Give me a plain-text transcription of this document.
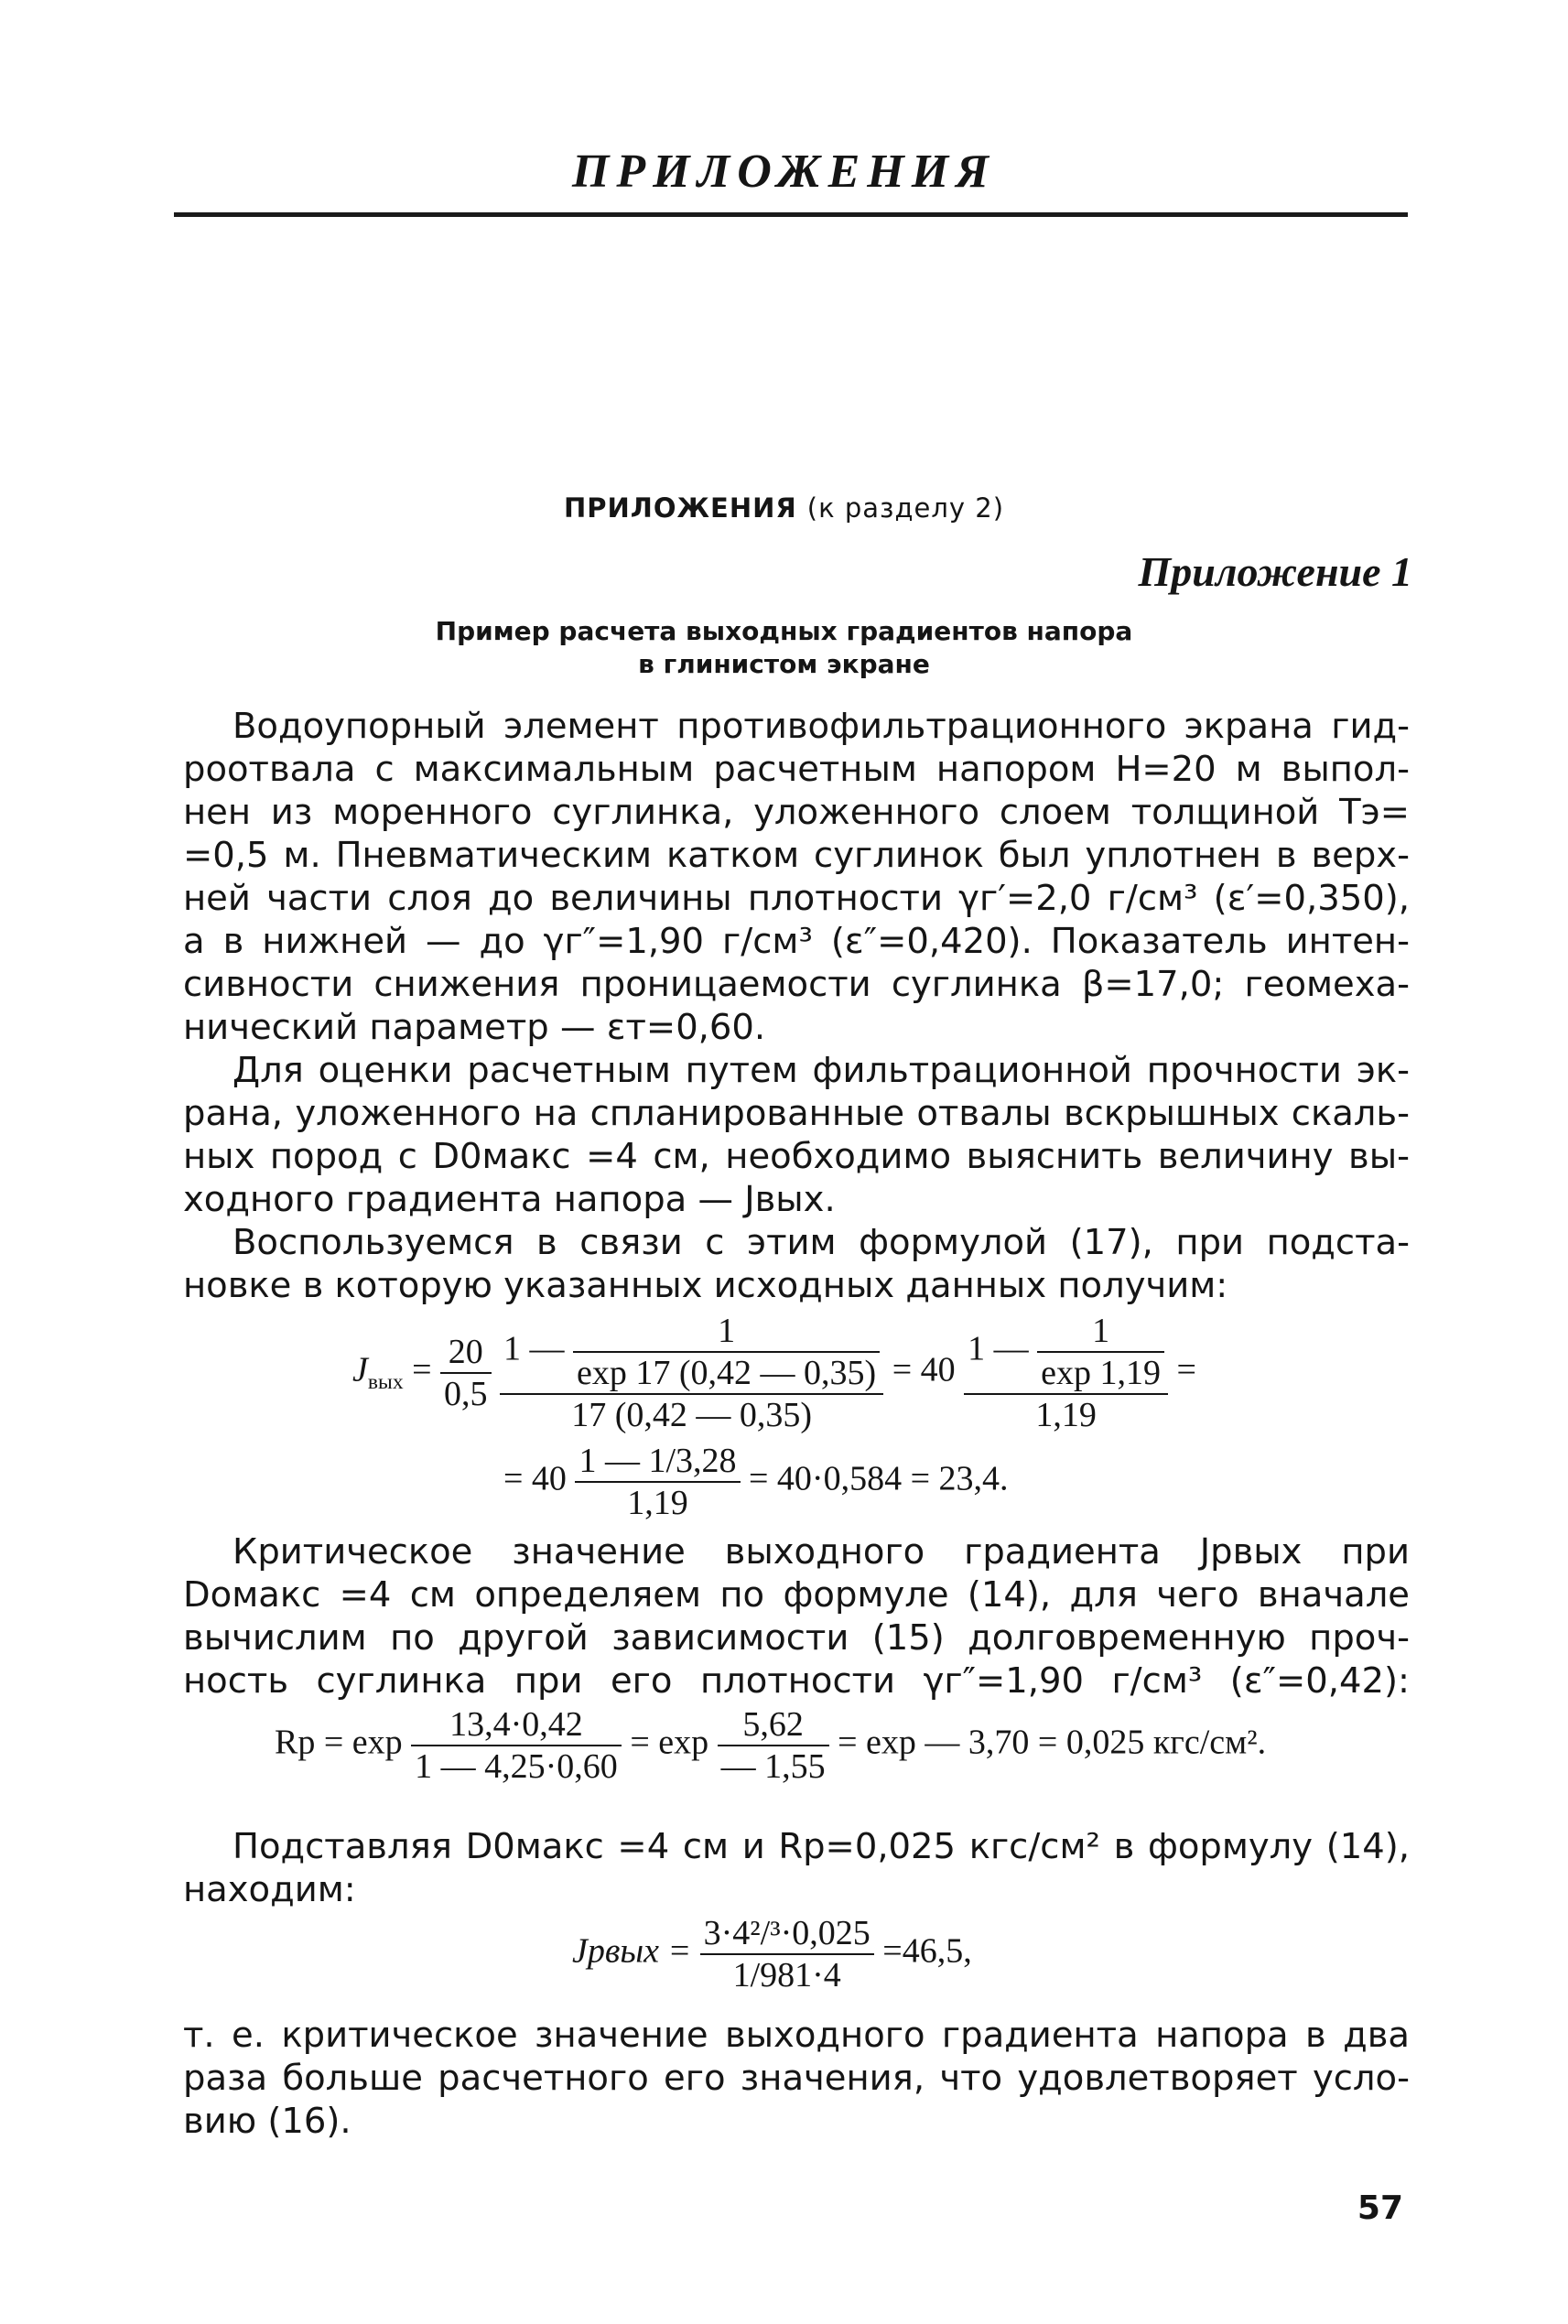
ПРИЛОЖЕНИЯ
ПРИЛОЖЕНИЯ (к разделу 2)
Приложение 1
Пример расчета выходных градиентов напора
в глинистом экране
Водоупорный элемент противофильтрационного экрана гид-
роотвала с максимальным расчетным напором H=20 м выпол-
нен из моренного суглинка, уложенного слоем толщиной Tэ=
=0,5 м. Пневматическим катком суглинок был уплотнен в верх-
ней части слоя до величины плотности γг′=2,0 г/см³ (ε′=0,350),
а в нижней — до γг″=1,90 г/см³ (ε″=0,420). Показатель интен-
сивности снижения проницаемости суглинка β=17,0; геомеха-
нический параметр — εт=0,60.
Для оценки расчетным путем фильтрационной прочности эк-
рана, уложенного на спланированные отвалы вскрышных скаль-
ных пород с D0макс =4 см, необходимо выяснить величину вы-
ходного градиента напора — Jвых.
Воспользуемся в связи с этим формулой (17), при подста-
новке в которую указанных исходных данных получим:
$J_{вых} = \frac{20}{0,5}$
$\frac{1 — \frac{1}{\exp 17 (0,42 — 0,35)}}{17 (0,42 — 0,35)} = 40 \frac{1 — \frac{1}{\exp 1,19}}{1,19}$ =
= $40 \frac{1 — 1/3,28}{1,19} = 40\cdot 0,584 = 23,4$.
Критическое значение выходного градиента Jрвых при
Doмакс =4 см определяем по формуле (14), для чего вначале
вычислим по другой зависимости (15) долговременную проч-
ность суглинка при его плотности γг″=1,90 г/см³ (ε″=0,42):
Rр = $\exp \frac{13,4\cdot 0,42}{1 — 4,25\cdot 0,60} = \exp \frac{5,62}{— 1,55} = \exp$ — 3,70 = 0,025 кгс/см².
Подставляя D0макс =4 см и Rр=0,025 кгс/см² в формулу (14),
находим:
Jрвых = $\frac{\text{3·4²/³·0,025}}{1/981\cdot 4} =46,5$,
т. е. критическое значение выходного градиента напора в два
раза больше расчетного его значения, что удовлетворяет усло-
вию (16).
57
